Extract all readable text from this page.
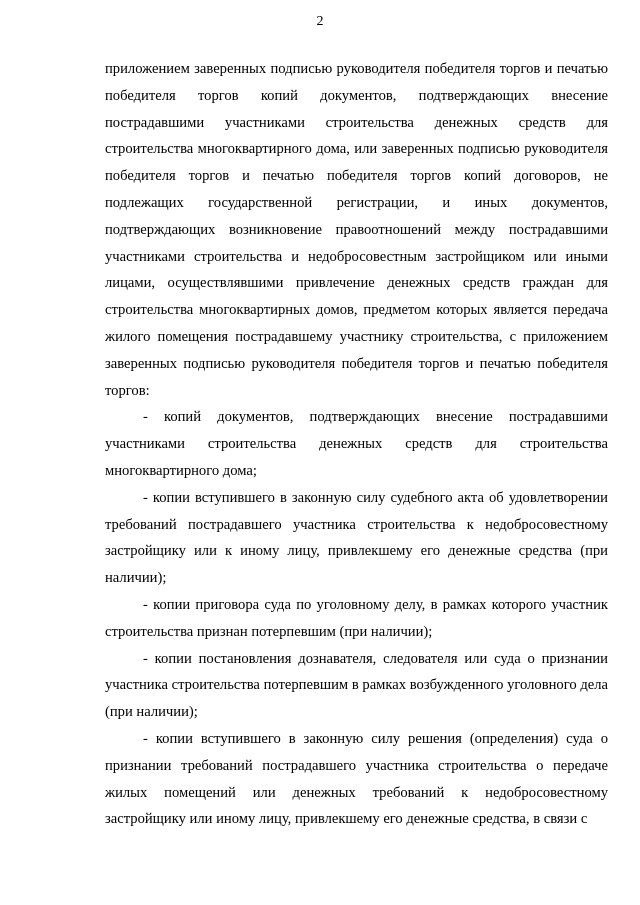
2

приложением заверенных подписью руководителя победителя торгов и печатью победителя торгов копий документов, подтверждающих внесение пострадавшими участниками строительства денежных средств для строительства многоквартирного дома, или заверенных подписью руководителя победителя торгов и печатью победителя торгов копий договоров, не подлежащих государственной регистрации, и иных документов, подтверждающих возникновение правоотношений между пострадавшими участниками строительства и недобросовестным застройщиком или иными лицами, осуществлявшими привлечение денежных средств граждан для строительства многоквартирных домов, предметом которых является передача жилого помещения пострадавшему участнику строительства, с приложением заверенных подписью руководителя победителя торгов и печатью победителя торгов:

- копий документов, подтверждающих внесение пострадавшими участниками строительства денежных средств для строительства многоквартирного дома;

- копии вступившего в законную силу судебного акта об удовлетворении требований пострадавшего участника строительства к недобросовестному застройщику или к иному лицу, привлекшему его денежные средства (при наличии);

- копии приговора суда по уголовному делу, в рамках которого участник строительства признан потерпевшим (при наличии);

- копии постановления дознавателя, следователя или суда о признании участника строительства потерпевшим в рамках возбужденного уголовного дела (при наличии);

- копии вступившего в законную силу решения (определения) суда о признании требований пострадавшего участника строительства о передаче жилых помещений или денежных требований к недобросовестному застройщику или иному лицу, привлекшему его денежные средства, в связи с
